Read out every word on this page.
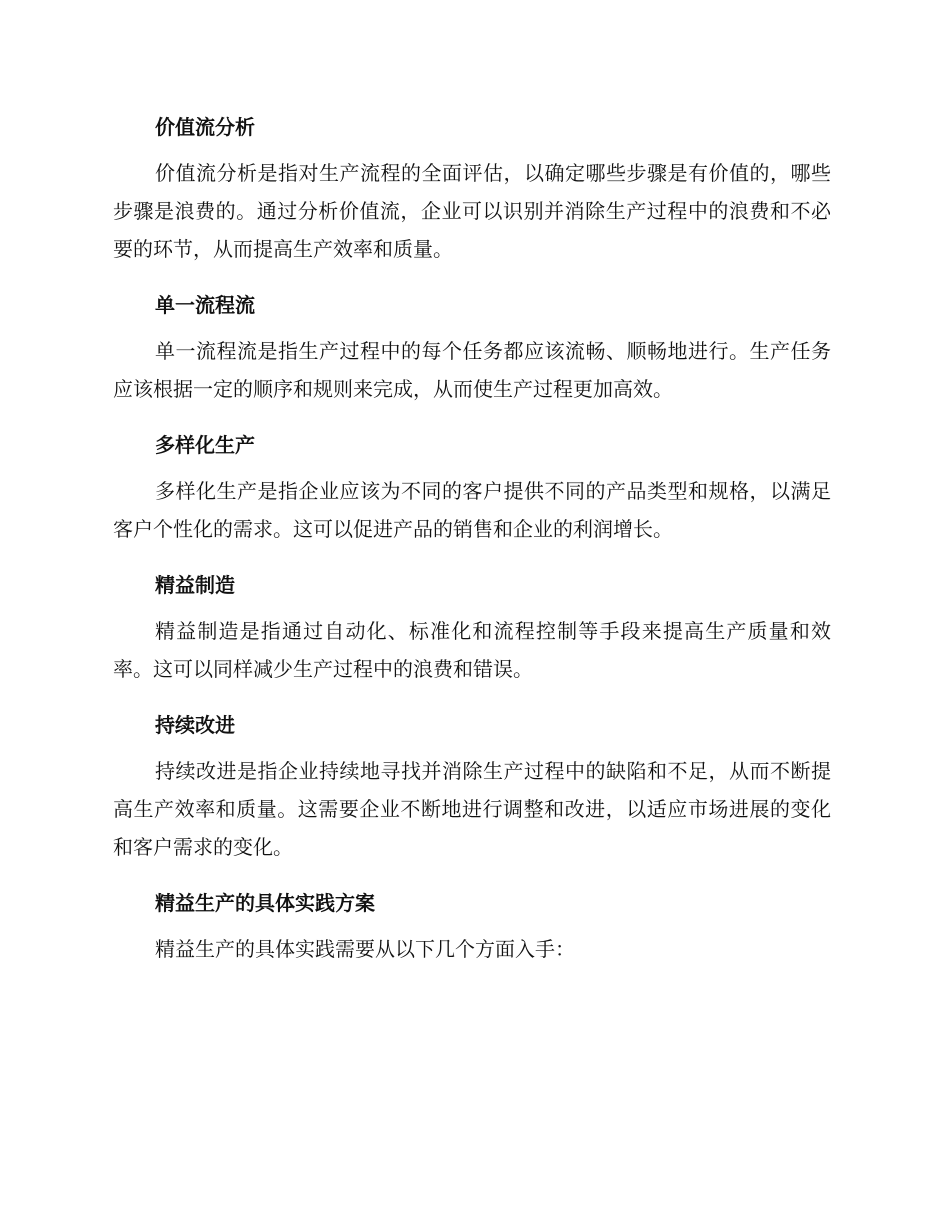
价值流分析

价值流分析是指对生产流程的全面评估，以确定哪些步骤是有价值的，哪些步骤是浪费的。通过分析价值流，企业可以识别并消除生产过程中的浪费和不必要的环节，从而提高生产效率和质量。

单一流程流

单一流程流是指生产过程中的每个任务都应该流畅、顺畅地进行。生产任务应该根据一定的顺序和规则来完成，从而使生产过程更加高效。

多样化生产

多样化生产是指企业应该为不同的客户提供不同的产品类型和规格，以满足客户个性化的需求。这可以促进产品的销售和企业的利润增长。

精益制造

精益制造是指通过自动化、标准化和流程控制等手段来提高生产质量和效率。这可以同样减少生产过程中的浪费和错误。

持续改进

持续改进是指企业持续地寻找并消除生产过程中的缺陷和不足，从而不断提高生产效率和质量。这需要企业不断地进行调整和改进，以适应市场进展的变化和客户需求的变化。

精益生产的具体实践方案

精益生产的具体实践需要从以下几个方面入手：
